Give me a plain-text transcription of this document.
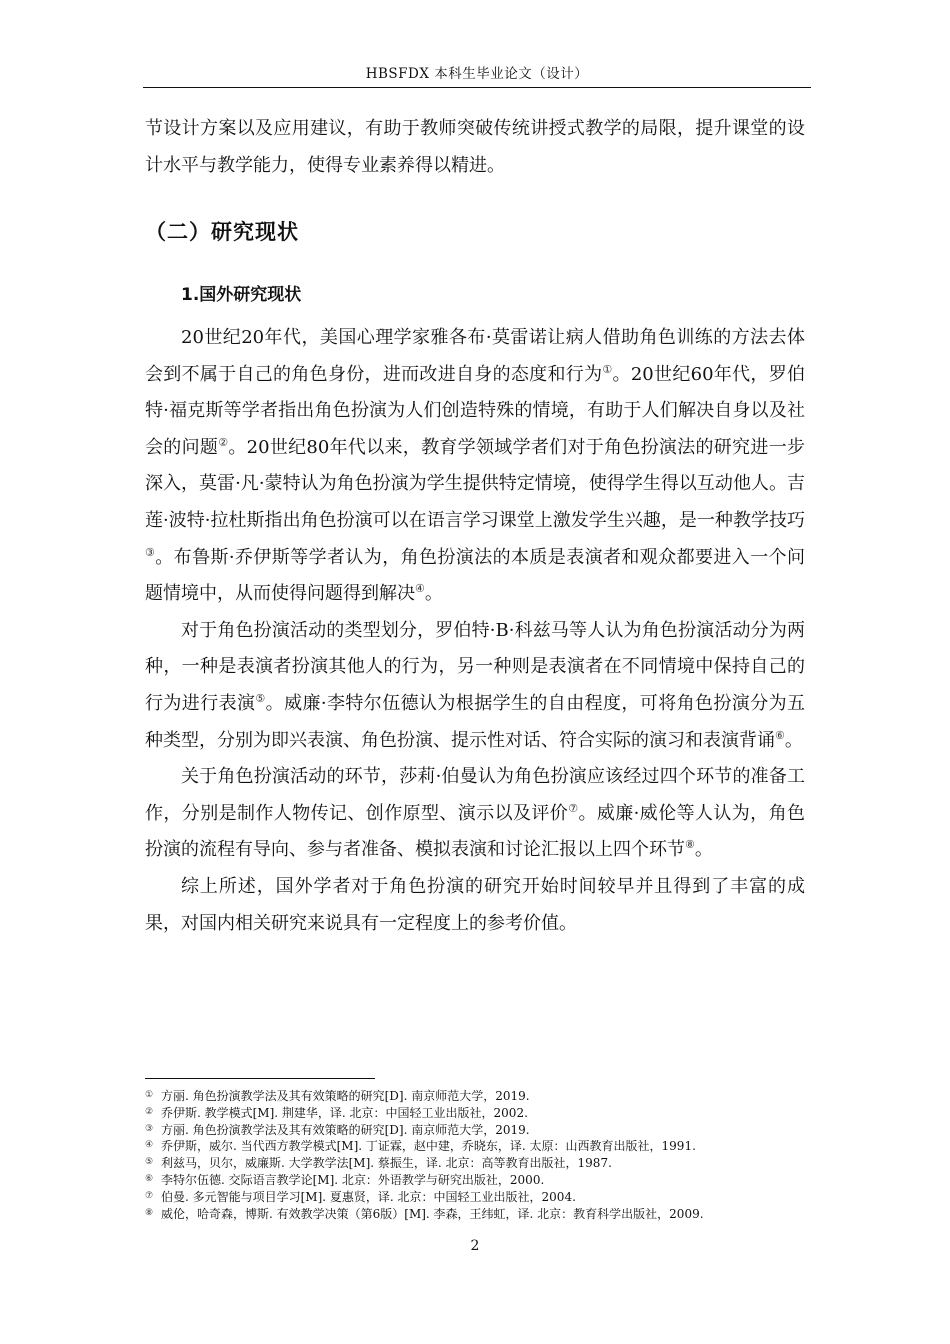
HBSFDX 本科生毕业论文（设计）

节设计方案以及应用建议，有助于教师突破传统讲授式教学的局限，提升课堂的设计水平与教学能力，使得专业素养得以精进。

（二）研究现状
1.国外研究现状

20世纪20年代，美国心理学家雅各布·莫雷诺让病人借助角色训练的方法去体会到不属于自己的角色身份，进而改进自身的态度和行为①。20世纪60年代，罗伯特·福克斯等学者指出角色扮演为人们创造特殊的情境，有助于人们解决自身以及社会的问题②。20世纪80年代以来，教育学领域学者们对于角色扮演法的研究进一步深入，莫雷·凡·蒙特认为角色扮演为学生提供特定情境，使得学生得以互动他人。吉莲·波特·拉杜斯指出角色扮演可以在语言学习课堂上激发学生兴趣，是一种教学技巧③。布鲁斯·乔伊斯等学者认为，角色扮演法的本质是表演者和观众都要进入一个问题情境中，从而使得问题得到解决④。

对于角色扮演活动的类型划分，罗伯特·B·科兹马等人认为角色扮演活动分为两种，一种是表演者扮演其他人的行为，另一种则是表演者在不同情境中保持自己的行为进行表演⑤。威廉·李特尔伍德认为根据学生的自由程度，可将角色扮演分为五种类型，分别为即兴表演、角色扮演、提示性对话、符合实际的演习和表演背诵⑥。

关于角色扮演活动的环节，莎莉·伯曼认为角色扮演应该经过四个环节的准备工作，分别是制作人物传记、创作原型、演示以及评价⑦。威廉·威伦等人认为，角色扮演的流程有导向、参与者准备、模拟表演和讨论汇报以上四个环节⑧。

综上所述，国外学者对于角色扮演的研究开始时间较早并且得到了丰富的成果，对国内相关研究来说具有一定程度上的参考价值。

① 方丽. 角色扮演教学法及其有效策略的研究[D]. 南京师范大学，2019.
② 乔伊斯. 教学模式[M]. 荆建华，译. 北京：中国轻工业出版社，2002.
③ 方丽. 角色扮演教学法及其有效策略的研究[D]. 南京师范大学，2019.
④ 乔伊斯，威尔. 当代西方教学模式[M]. 丁证霖，赵中建，乔晓东，译. 太原：山西教育出版社，1991.
⑤ 利兹马，贝尔，威廉斯. 大学教学法[M]. 蔡振生，译. 北京：高等教育出版社，1987.
⑥ 李特尔伍德. 交际语言教学论[M]. 北京：外语教学与研究出版社，2000.
⑦ 伯曼. 多元智能与项目学习[M]. 夏惠贤，译. 北京：中国轻工业出版社，2004.
⑧ 威伦，哈奇森，博斯. 有效教学决策（第6版）[M]. 李森，王纬虹，译. 北京：教育科学出版社，2009.
2
